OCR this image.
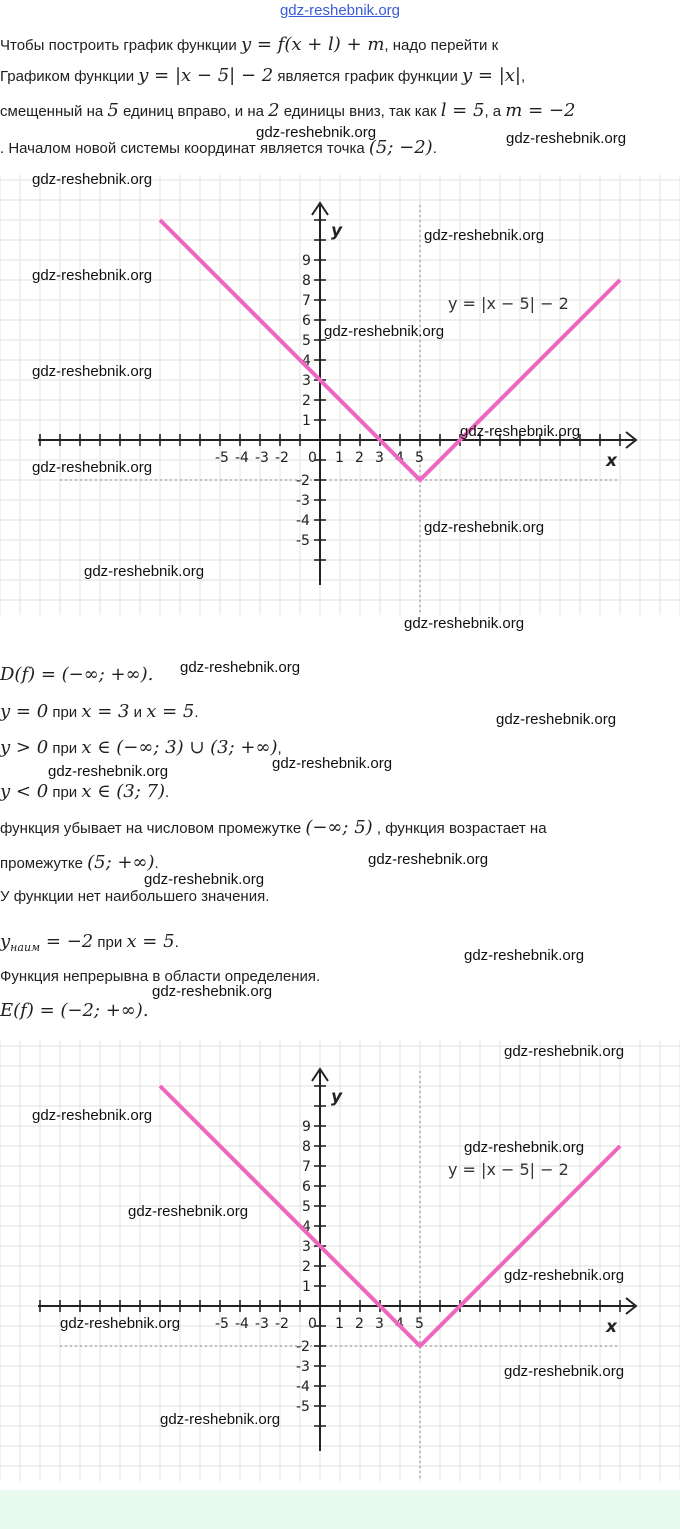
gdz-reshebnik.org
Чтобы построить график функции y = f(x + l) + m, надо перейти к
Графиком функции y = |x − 5| − 2 является график функции y = |x|,
смещенный на 5 единиц вправо, и на 2 единицы вниз, так как l = 5, а m = −2
. Началом новой системы координат является точка (5; −2).
-5 -4 -3 -2 0 1 2 3 4 5
9
8
7
6
5
4
3
2
1
-2
-3
-4
-5
x
y
y = |x − 5| − 2
D(f) = (−∞; +∞).
y = 0 при x = 3 и x = 5.
y > 0 при x ∈ (−∞; 3) ∪ (3; +∞),
y < 0 при x ∈ (3; 7).
функция убывает на числовом промежутке (−∞; 5) , функция возрастает на
промежутке (5; +∞).
У функции нет наибольшего значения.
$y_{наим} = -2$ при x = 5.
Функция непрерывна в области определения.
E(f) = (−2; +∞).
-5 -4 -3 -2 0 1 2 3 4 5
9
8
7
6
5
4
3
2
1
-2
-3
-4
-5
x
y
y = |x − 5| − 2
gdz-reshebnik.org
gdz-reshebnik.org
gdz-reshebnik.org
gdz-reshebnik.org
gdz-reshebnik.org
gdz-reshebnik.org
gdz-reshebnik.org
gdz-reshebnik.org
gdz-reshebnik.org
gdz-reshebnik.org
gdz-reshebnik.org
gdz-reshebnik.org
gdz-reshebnik.org
gdz-reshebnik.org
gdz-reshebnik.org	gdz-reshebnik.org
gdz-reshebnik.org
gdz-reshebnik.org
gdz-reshebnik.org
gdz-reshebnik.org
gdz-reshebnik.org
gdz-reshebnik.org
gdz-reshebnik.org
gdz-reshebnik.org
gdz-reshebnik.org
gdz-reshebnik.org
gdz-reshebnik.org
gdz-reshebnik.org
